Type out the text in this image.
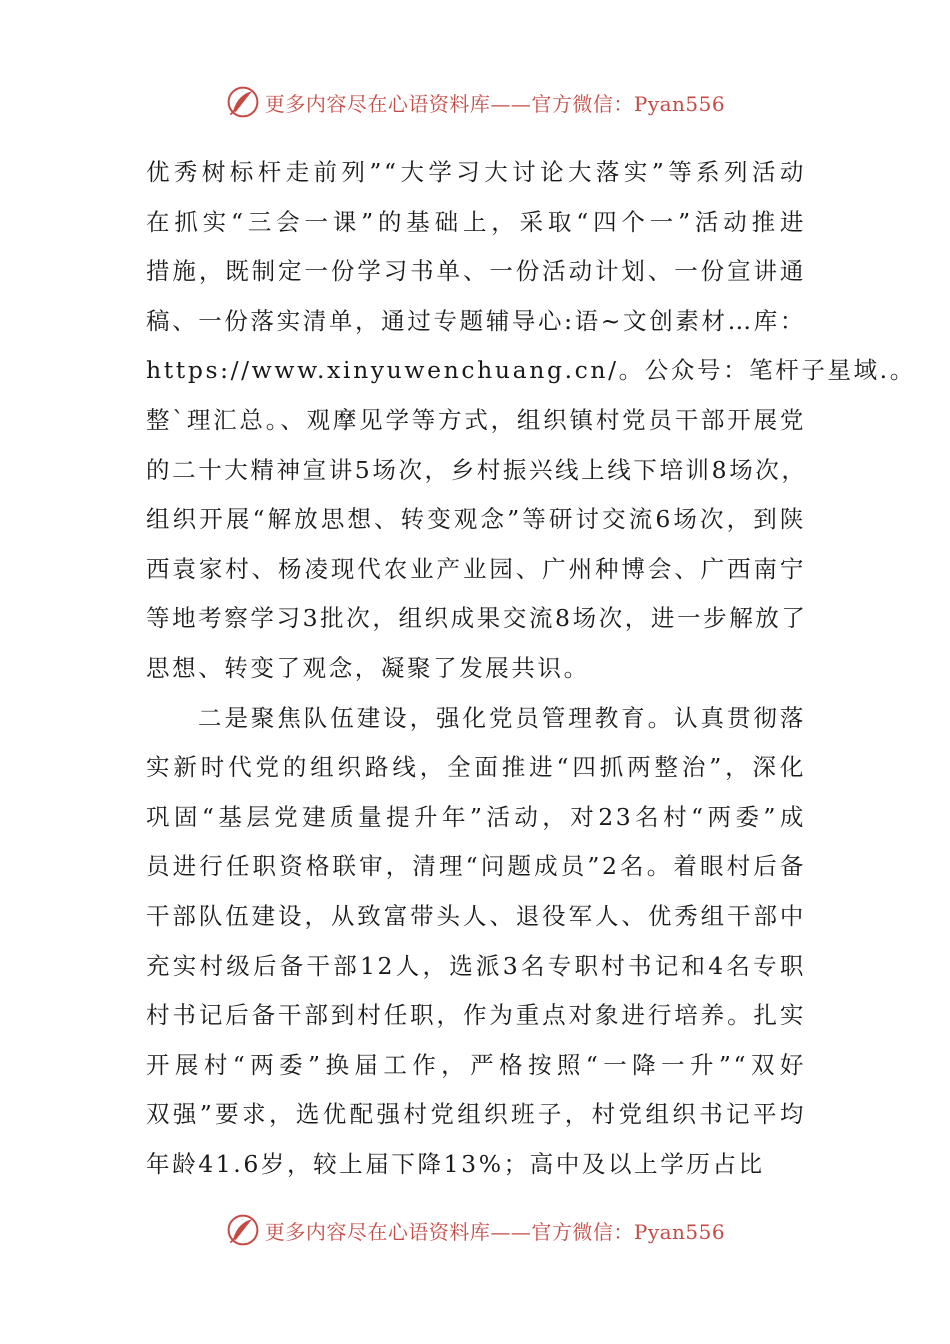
更多内容尽在心语资料库——官方微信：Pyan556
优秀树标杆走前列”“大学习大讨论大落实”等系列活动
在抓实“三会一课”的基础上，采取“四个一”活动推进
措施，既制定一份学习书单、一份活动计划、一份宣讲通
稿、一份落实清单，通过专题辅导心:语~文创素材…库：
https://www.xinyuwenchuang.cn/。公众号：笔杆子星域.。
整`理汇总。、观摩见学等方式，组织镇村党员干部开展党
的二十大精神宣讲5场次，乡村振兴线上线下培训8场次，
组织开展“解放思想、转变观念”等研讨交流6场次，到陕
西袁家村、杨凌现代农业产业园、广州种博会、广西南宁
等地考察学习3批次，组织成果交流8场次，进一步解放了
思想、转变了观念，凝聚了发展共识。
二是聚焦队伍建设，强化党员管理教育。认真贯彻落
实新时代党的组织路线，全面推进“四抓两整治”，深化
巩固“基层党建质量提升年”活动，对23名村“两委”成
员进行任职资格联审，清理“问题成员”2名。着眼村后备
干部队伍建设，从致富带头人、退役军人、优秀组干部中
充实村级后备干部12人，选派3名专职村书记和4名专职
村书记后备干部到村任职，作为重点对象进行培养。扎实
开展村“两委”换届工作，严格按照“一降一升”“双好
双强”要求，选优配强村党组织班子，村党组织书记平均
年龄41.6岁，较上届下降13%；高中及以上学历占比
更多内容尽在心语资料库——官方微信：Pyan556
